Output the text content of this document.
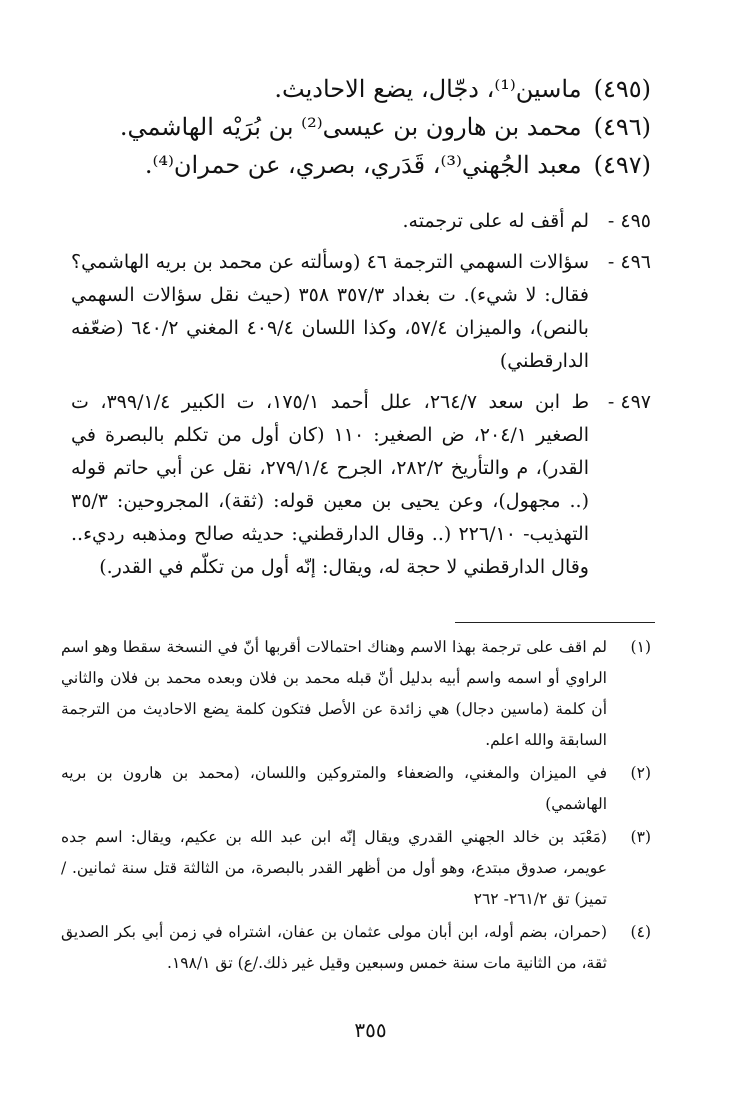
(٤٩٥)ماسين⁽¹⁾، دجّال، يضع الاحاديث.
(٤٩٦)محمد بن هارون بن عيسى⁽²⁾ بن بُرَيْه الهاشمي.
(٤٩٧)معبد الجُهني⁽³⁾، قَدَري، بصري، عن حمران⁽⁴⁾.
٤٩٥ -
لم أقف له على ترجمته.
٤٩٦ -
سؤالات السهمي الترجمة ٤٦ (وسألته عن محمد بن بريه الهاشمي؟ فقال: لا شيء). ت بغداد ٣٥٧/٣ ٣٥٨ (حيث نقل سؤالات السهمي بالنص)، والميزان ٥٧/٤، وكذا اللسان ٤٠٩/٤ المغني ٦٤٠/٢ (ضعّفه الدارقطني)
٤٩٧ -
ط ابن سعد ٢٦٤/٧، علل أحمد ١٧٥/١، ت الكبير ٣٩٩/١/٤، ت الصغير ٢٠٤/١، ض الصغير: ١١٠ (كان أول من تكلم بالبصرة في القدر)، م والتأريخ ٢٨٢/٢، الجرح ٢٧٩/١/٤، نقل عن أبي حاتم قوله (.. مجهول)، وعن يحيى بن معين قوله: (ثقة)، المجروحين: ٣٥/٣ التهذيب- ٢٢٦/١٠ (.. وقال الدارقطني: حديثه صالح ومذهبه رديء.. وقال الدارقطني لا حجة له، ويقال: إنّه أول من تكلّم في القدر.)
(١)
لم اقف على ترجمة بهذا الاسم وهناك احتمالات أقربها أنّ في النسخة سقطا وهو اسم الراوي أو اسمه واسم أبيه بدليل أنّ قبله محمد بن فلان وبعده محمد بن فلان والثاني أن كلمة (ماسين دجال) هي زائدة عن الأصل فتكون كلمة يضع الاحاديث من الترجمة السابقة والله اعلم.
(٢)
في الميزان والمغني، والضعفاء والمتروكين واللسان، (محمد بن هارون بن بريه الهاشمي)
(٣)
(مَعْبَد بن خالد الجهني القدري ويقال إنّه ابن عبد الله بن عكيم، ويقال: اسم جده عويمر، صدوق مبتدع، وهو أول من أظهر القدر بالبصرة، من الثالثة قتل سنة ثمانين. /تميز) تق ٢٦١/٢- ٢٦٢
(٤)
(حمران، بضم أوله، ابن أبان مولى عثمان بن عفان، اشتراه في زمن أبي بكر الصديق ثقة، من الثانية مات سنة خمس وسبعين وقيل غير ذلك./ع) تق ١٩٨/١.
٣٥٥
